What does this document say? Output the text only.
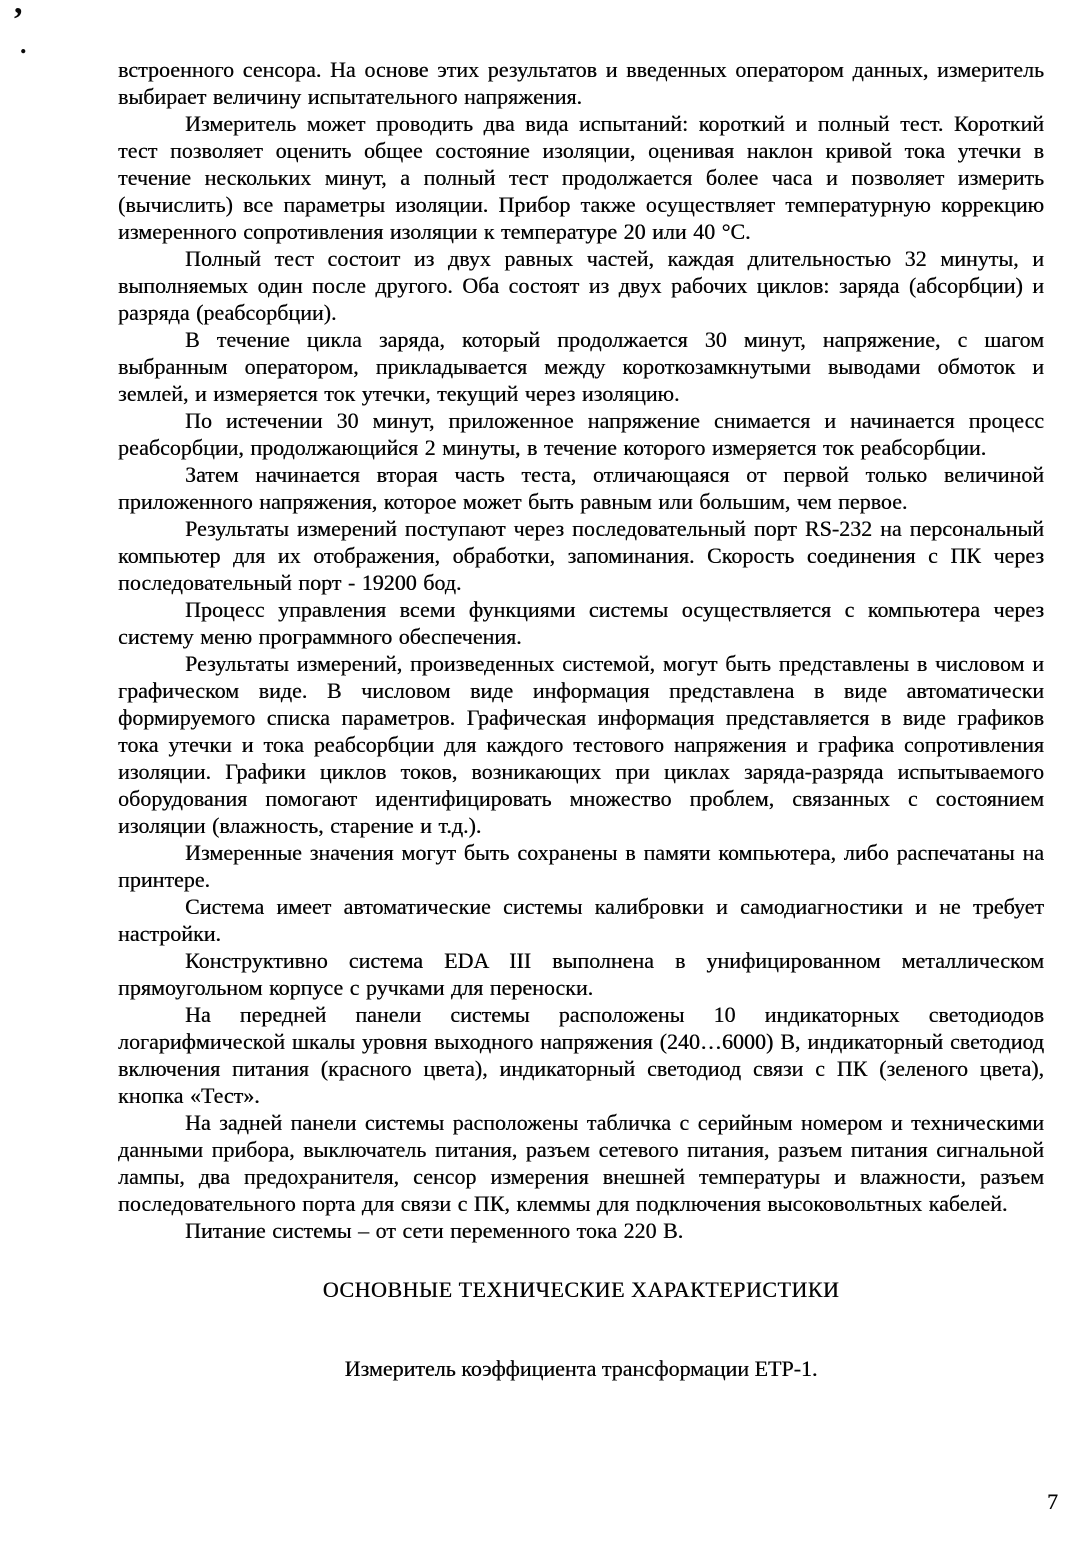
,
.

встроенного сенсора. На основе этих результатов и введенных оператором данных, измеритель выбирает величину испытательного напряжения.

Измеритель может проводить два вида испытаний: короткий и полный тест. Короткий тест позволяет оценить общее состояние изоляции, оценивая наклон кривой тока утечки в течение нескольких минут, а полный тест продолжается более часа и позволяет измерить (вычислить) все параметры изоляции. Прибор также осуществляет температурную коррекцию измеренного сопротивления изоляции к температуре 20 или 40 °С.

Полный тест состоит из двух равных частей, каждая длительностью 32 минуты, и выполняемых один после другого. Оба состоят из двух рабочих циклов: заряда (абсорбции) и разряда (реабсорбции).

В течение цикла заряда, который продолжается 30 минут, напряжение, с шагом выбранным оператором, прикладывается между короткозамкнутыми выводами обмоток и землей, и измеряется ток утечки, текущий через изоляцию.

По истечении 30 минут, приложенное напряжение снимается и начинается процесс реабсорбции, продолжающийся 2 минуты, в течение которого измеряется ток реабсорбции.

Затем начинается вторая часть теста, отличающаяся от первой только величиной приложенного напряжения, которое может быть равным или большим, чем первое.

Результаты измерений поступают через последовательный порт RS-232 на персональный компьютер для их отображения, обработки, запоминания. Скорость соединения с ПК через последовательный порт - 19200 бод.

Процесс управления всеми функциями системы осуществляется с компьютера через систему меню программного обеспечения.

Результаты измерений, произведенных системой, могут быть представлены в числовом и графическом виде. В числовом виде информация представлена в виде автоматически формируемого списка параметров. Графическая информация представляется в виде графиков тока утечки и тока реабсорбции для каждого тестового напряжения и графика сопротивления изоляции. Графики циклов токов, возникающих при циклах заряда-разряда испытываемого оборудования помогают идентифицировать множество проблем, связанных с состоянием изоляции (влажность, старение и т.д.).

Измеренные значения могут быть сохранены в памяти компьютера, либо распечатаны на принтере.

Система имеет автоматические системы калибровки и самодиагностики и не требует настройки.

Конструктивно система EDA III выполнена в унифицированном металлическом прямоугольном корпусе с ручками для переноски.

На передней панели системы расположены 10 индикаторных светодиодов логарифмической шкалы уровня выходного напряжения (240…6000) В, индикаторный светодиод включения питания (красного цвета), индикаторный светодиод связи с ПК (зеленого цвета), кнопка «Тест».

На задней панели системы расположены табличка с серийным номером и техническими данными прибора, выключатель питания, разъем сетевого питания, разъем питания сигнальной лампы, два предохранителя, сенсор измерения внешней температуры и влажности, разъем последовательного порта для связи с ПК, клеммы для подключения высоковольтных кабелей.

Питание системы – от сети переменного тока 220 В.

ОСНОВНЫЕ ТЕХНИЧЕСКИЕ ХАРАКТЕРИСТИКИ
Измеритель коэффициента трансформации ЕТР-1.
7
